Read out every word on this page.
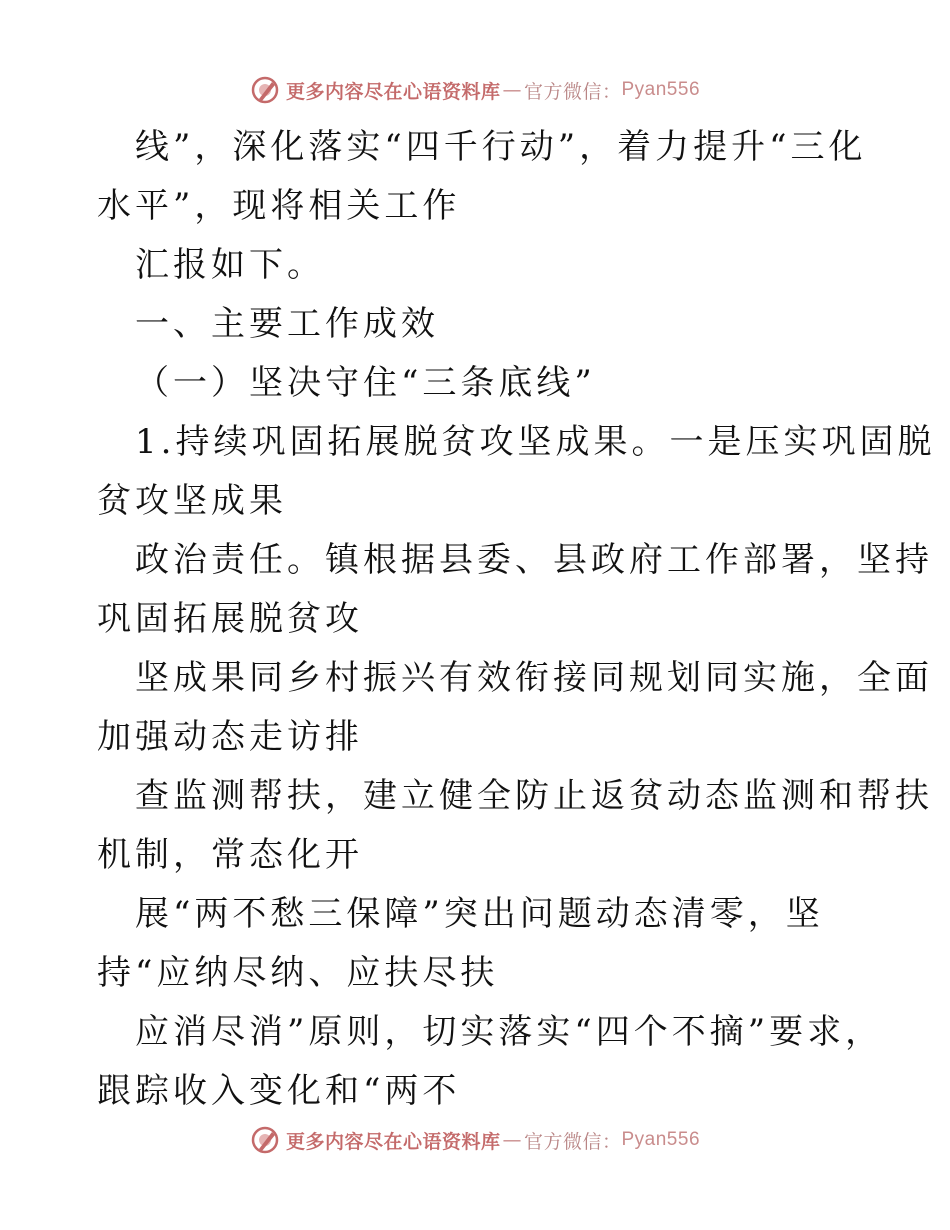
更多内容尽在心语资料库 — 官方微信： Pyan556
线”，深化落实“四千行动”，着力提升“三化
水平”，现将相关工作
汇报如下。
一、主要工作成效
（一）坚决守住“三条底线”
1.持续巩固拓展脱贫攻坚成果。一是压实巩固脱
贫攻坚成果
政治责任。镇根据县委、县政府工作部署，坚持
巩固拓展脱贫攻
坚成果同乡村振兴有效衔接同规划同实施，全面
加强动态走访排
查监测帮扶，建立健全防止返贫动态监测和帮扶
机制，常态化开
展“两不愁三保障”突出问题动态清零，坚
持“应纳尽纳、应扶尽扶
应消尽消”原则，切实落实“四个不摘”要求，
跟踪收入变化和“两不
更多内容尽在心语资料库 — 官方微信： Pyan556
